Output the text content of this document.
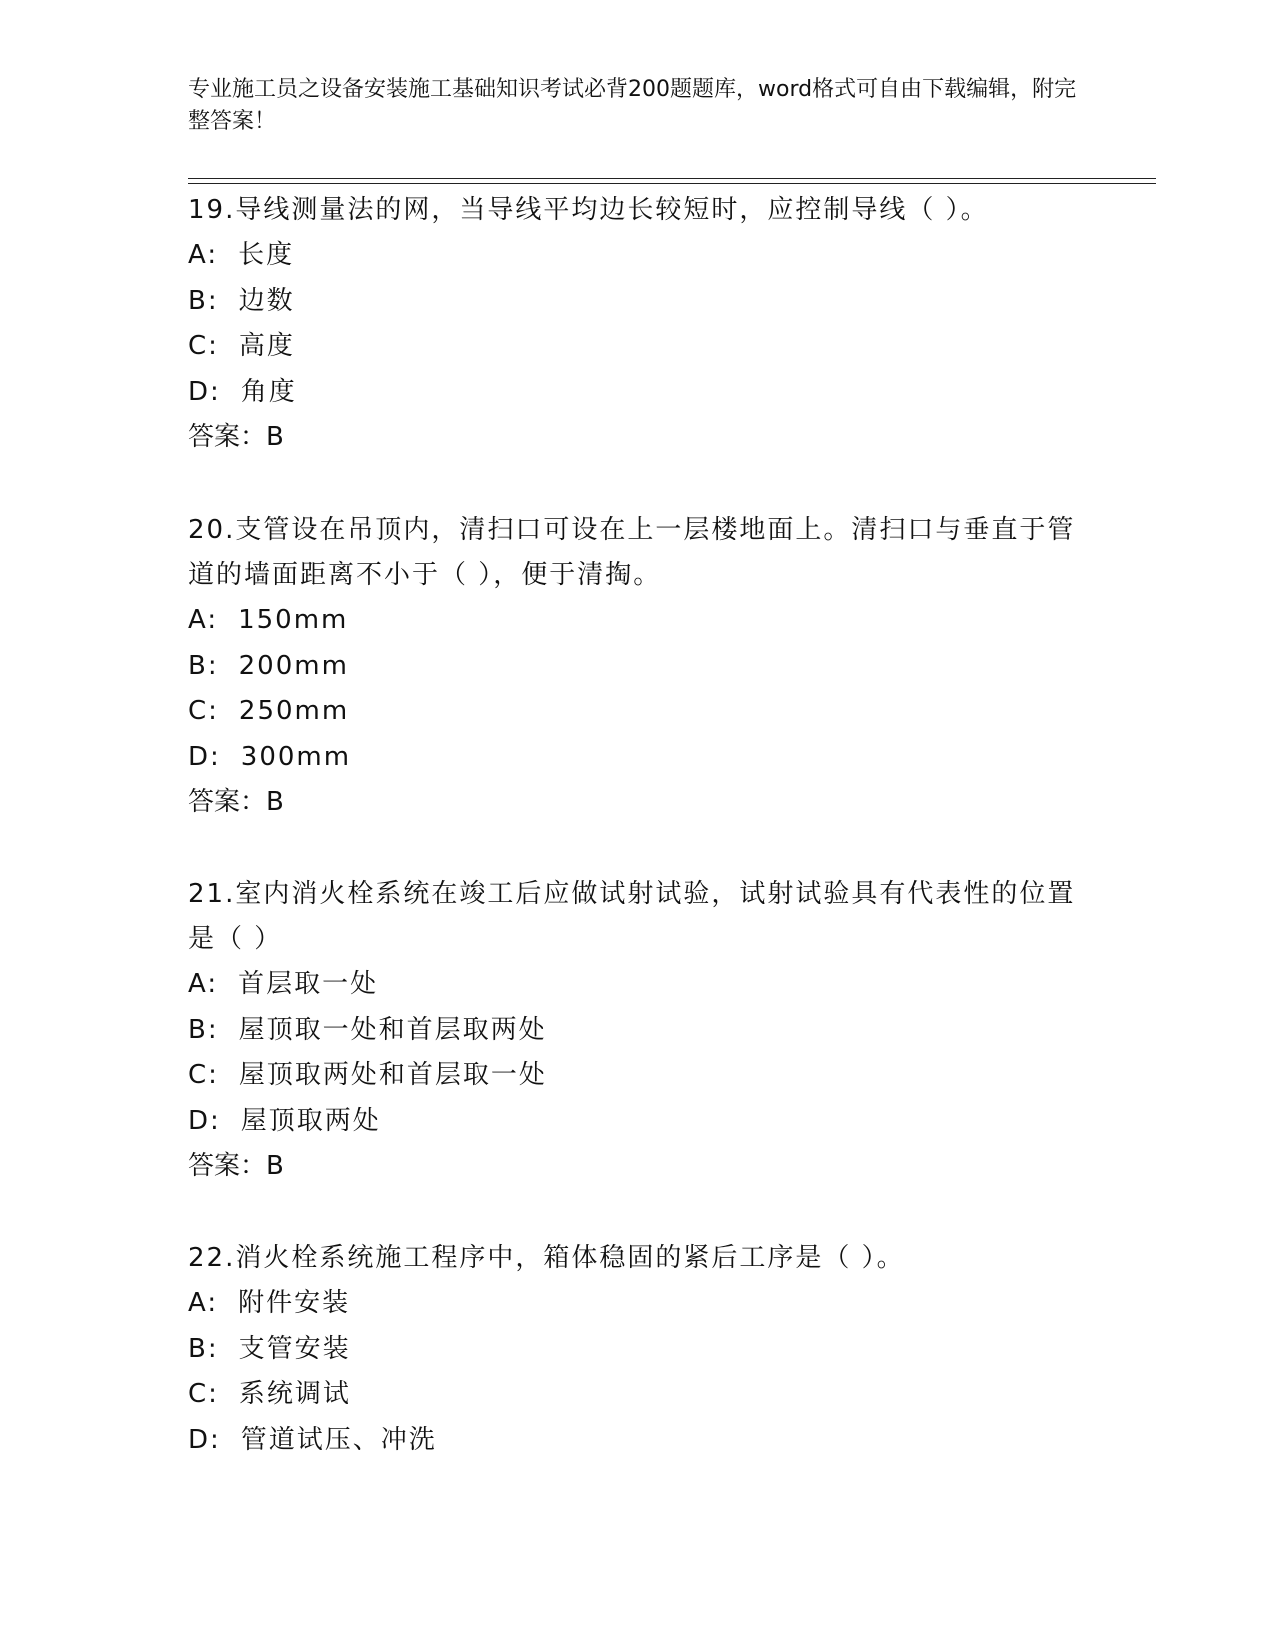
专业施工员之设备安装施工基础知识考试必背200题题库，word格式可自由下载编辑，附完整答案！

19.导线测量法的网，当导线平均边长较短时，应控制导线（ ）。

A: 长度

B: 边数

C: 高度

D: 角度

答案：B

20.支管设在吊顶内，清扫口可设在上一层楼地面上。清扫口与垂直于管道的墙面距离不小于（ ），便于清掏。

A: 150mm

B: 200mm

C: 250mm

D: 300mm

答案：B

21.室内消火栓系统在竣工后应做试射试验，试射试验具有代表性的位置是（ ）

A: 首层取一处

B: 屋顶取一处和首层取两处

C: 屋顶取两处和首层取一处

D: 屋顶取两处

答案：B

22.消火栓系统施工程序中，箱体稳固的紧后工序是（ ）。

A: 附件安装

B: 支管安装

C: 系统调试

D: 管道试压、冲洗
